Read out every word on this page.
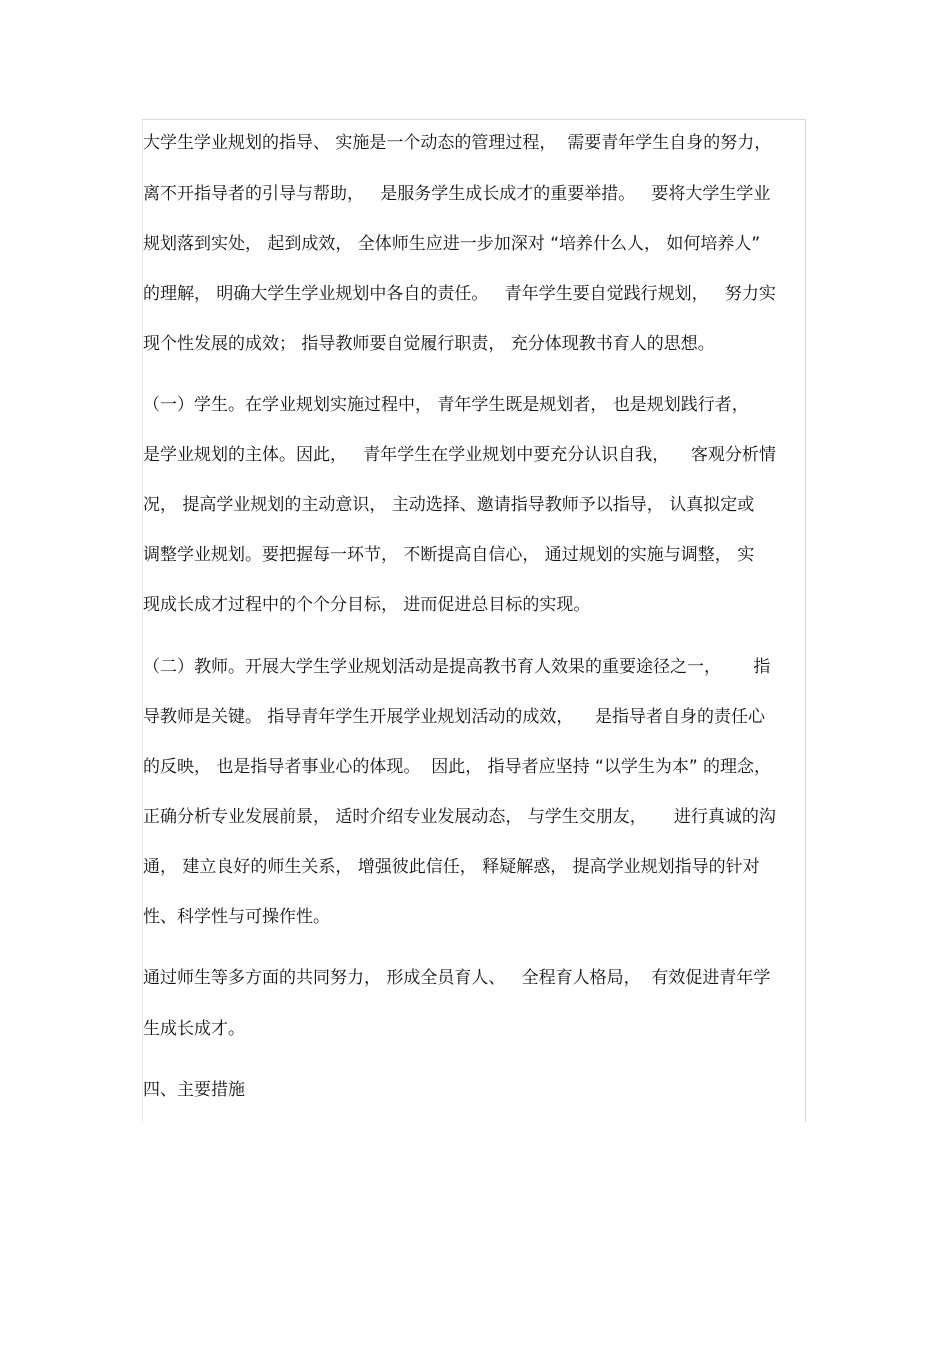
大学生学业规划的指导、 实施是一个动态的管理过程，  需要青年学生自身的努力，
离不开指导者的引导与帮助，   是服务学生成长成才的重要举措。   要将大学生学业
规划落到实处， 起到成效， 全体师生应进一步加深对 “培养什么人， 如何培养人”
的理解， 明确大学生学业规划中各自的责任。   青年学生要自觉践行规划，   努力实
现个性发展的成效； 指导教师要自觉履行职责， 充分体现教书育人的思想。
（一）学生。在学业规划实施过程中， 青年学生既是规划者， 也是规划践行者，
是学业规划的主体。因此，   青年学生在学业规划中要充分认识自我，    客观分析情
况， 提高学业规划的主动意识， 主动选择、邀请指导教师予以指导， 认真拟定或
调整学业规划。要把握每一环节， 不断提高自信心， 通过规划的实施与调整， 实
现成长成才过程中的个个分目标， 进而促进总目标的实现。
（二）教师。开展大学生学业规划活动是提高教书育人效果的重要途径之一，      指
导教师是关键。 指导青年学生开展学业规划活动的成效，    是指导者自身的责任心
的反映， 也是指导者事业心的体现。  因此， 指导者应坚持 “以学生为本” 的理念，
正确分析专业发展前景， 适时介绍专业发展动态， 与学生交朋友，     进行真诚的沟
通， 建立良好的师生关系， 增强彼此信任， 释疑解惑， 提高学业规划指导的针对
性、科学性与可操作性。
通过师生等多方面的共同努力， 形成全员育人、   全程育人格局，  有效促进青年学
生成长成才。
四、主要措施
